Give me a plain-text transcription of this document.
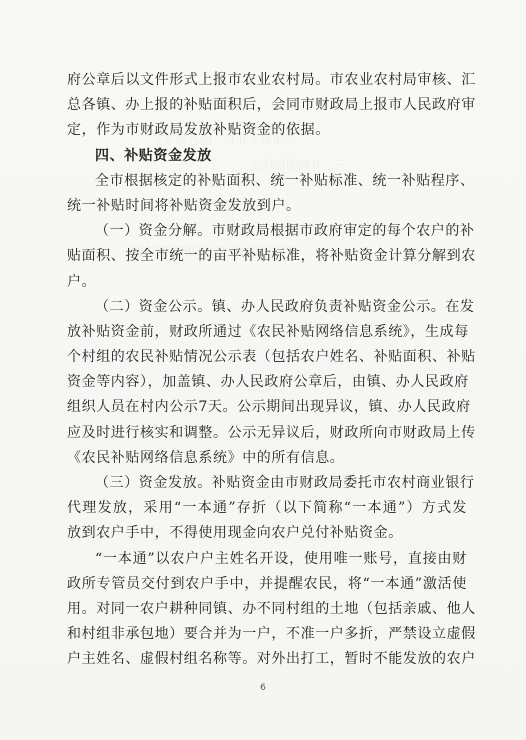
府公章后以文件形式上报市农业农村局。市农业农村局审核、汇
总各镇、办上报的补贴面积后，会同市财政局上报市人民政府审
定，作为市财政局发放补贴资金的依据。
四、补贴资金发放
全市根据核定的补贴面积、统一补贴标准、统一补贴程序、
统一补贴时间将补贴资金发放到户。
（一）资金分解。市财政局根据市政府审定的每个农户的补
贴面积、按全市统一的亩平补贴标准，将补贴资金计算分解到农
户。
（二）资金公示。镇、办人民政府负责补贴资金公示。在发
放补贴资金前，财政所通过《农民补贴网络信息系统》，生成每
个村组的农民补贴情况公示表（包括农户姓名、补贴面积、补贴
资金等内容），加盖镇、办人民政府公章后，由镇、办人民政府
组织人员在村内公示7天。公示期间出现异议，镇、办人民政府
应及时进行核实和调整。公示无异议后，财政所向市财政局上传
《农民补贴网络信息系统》中的所有信息。
（三）资金发放。补贴资金由市财政局委托市农村商业银行
代理发放，采用“一本通”存折（以下简称“一本通”）方式发
放到农户手中，不得使用现金向农户兑付补贴资金。
“一本通”以农户户主姓名开设，使用唯一账号，直接由财
政所专管员交付到农户手中，并提醒农民，将“一本通”激活使
用。对同一农户耕种同镇、办不同村组的土地（包括亲戚、他人
和村组非承包地）要合并为一户，不准一户多折，严禁设立虚假
户主姓名、虚假村组名称等。对外出打工，暂时不能发放的农户
6
